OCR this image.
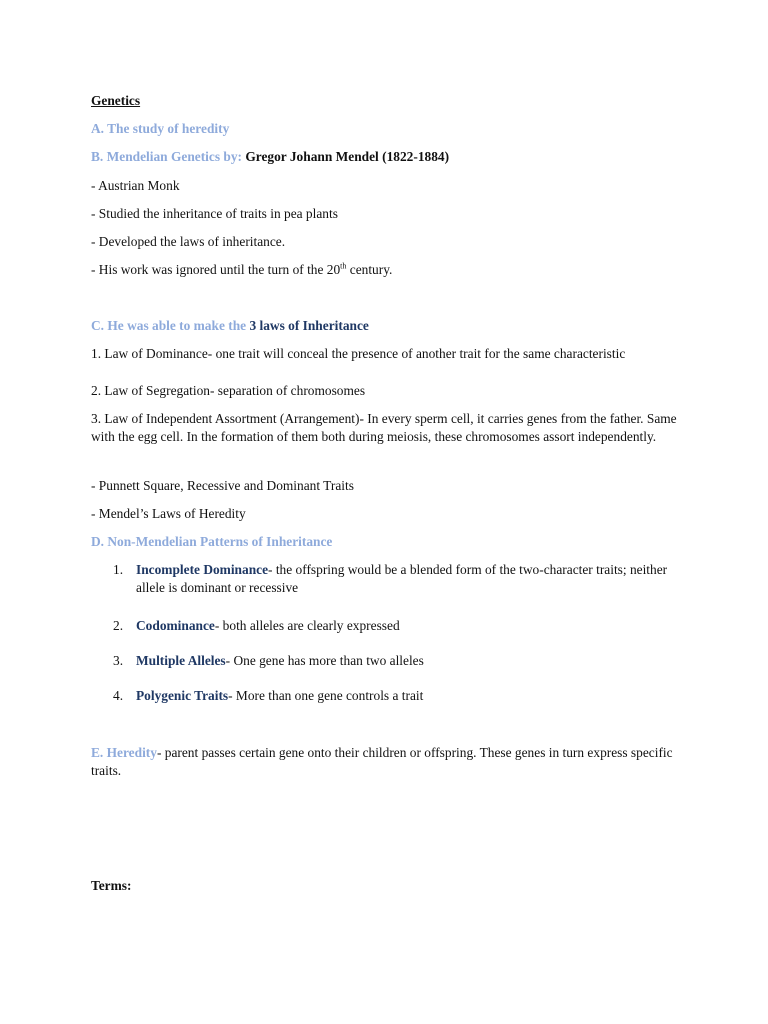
Genetics
A. The study of heredity
B. Mendelian Genetics by: Gregor Johann Mendel (1822-1884)
- Austrian Monk
- Studied the inheritance of traits in pea plants
- Developed the laws of inheritance.
- His work was ignored until the turn of the 20th century.
C. He was able to make the 3 laws of Inheritance
1. Law of Dominance- one trait will conceal the presence of another trait for the same characteristic
2. Law of Segregation- separation of chromosomes
3. Law of Independent Assortment (Arrangement)- In every sperm cell, it carries genes from the father. Same with the egg cell. In the formation of them both during meiosis, these chromosomes assort independently.
- Punnett Square, Recessive and Dominant Traits
- Mendel’s Laws of Heredity
D. Non-Mendelian Patterns of Inheritance
1. Incomplete Dominance- the offspring would be a blended form of the two-character traits; neither allele is dominant or recessive
2. Codominance- both alleles are clearly expressed
3. Multiple Alleles- One gene has more than two alleles
4. Polygenic Traits- More than one gene controls a trait
E. Heredity- parent passes certain gene onto their children or offspring. These genes in turn express specific traits.
Terms:
